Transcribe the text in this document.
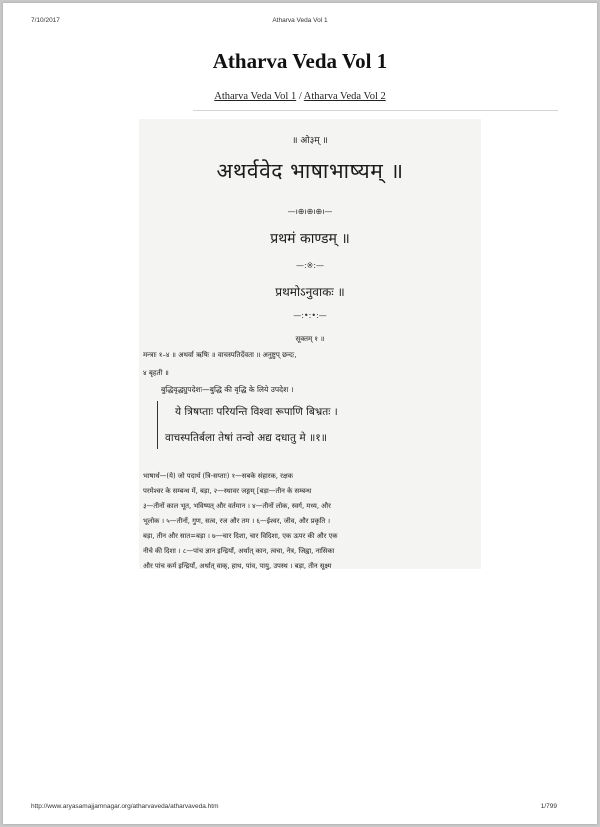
7/10/2017	Atharva Veda Vol 1
Atharva Veda Vol 1
Atharva Veda Vol 1 / Atharva Veda Vol 2
॥ ओ३म् ॥
अथर्ववेद भाषाभाष्यम् ॥
—ו⊕ו⊕ו⊕ו—
प्रथमं काण्डम् ॥
—:※:—
प्रथमोऽनुवाकः ॥
—:•:•:—
सूक्तम् १ ॥
मन्त्राः १–४ ॥ अथर्वा ऋषिः ॥ वाचस्पतिर्देवता ॥ अनुष्टुप् छन्दः,
४ बृहती ॥
बुद्धिवृद्ध्युपदेशः—बुद्धि की वृद्धि के लिये उपदेश ।
ये त्रिषप्ताः परियन्ति विश्वा रूपाणि बिभ्रतः ।
वाचस्पतिर्बला तेषां तन्वो अद्य दधातु मे ॥१॥
भाषार्थ—(ये) जो पदार्थ (त्रि-सप्ताः) १—सबके संहारक, रक्षक
परमेश्वर के सम्बन्ध में, बड़ा, २—स्थावर जङ्गम् [बड़ा—तीन के सम्बन्ध
३—तीनों काल भूत, भविष्यत् और वर्तमान । ४—तीनों लोक, स्वर्ग, मध्य, और
भूलोक । ५—तीनों, गुण, सत्व, रज और तम । ६—ईश्वर, जीव, और प्रकृति ।
बड़ा, तीन और सात=बड़ा । ७—चार दिशा, चार विदिशा, एक ऊपर की और एक
नीचे की दिशा । ८—पांच ज्ञान इन्द्रियाँ, अर्थात् कान, त्वचा, नेत्र, जिह्वा, नासिका
और पांच कर्म इन्द्रियाँ, अर्थात् वाक्, हाथ, पांव, पायु, उपस्थ । बड़ा, तीन सूक्ष्म
http://www.aryasamajjamnagar.org/atharvaveda/atharvaveda.htm	1/799
